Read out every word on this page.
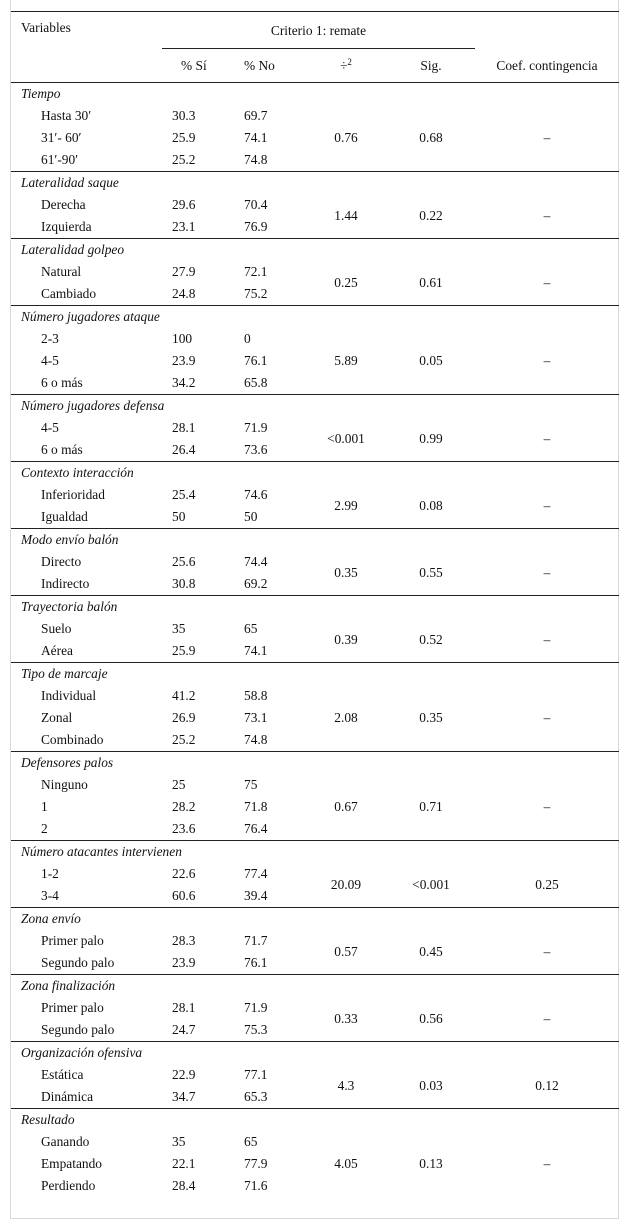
Variables	Criterio 1: remate			

	% Sí	% No	÷$^2$	Sig.	Coef. contingencia
Tiempo					
Hasta 30′	30.3	69.7	0.76	0.68	–
31′- 60′	25.9	74.1			
61′-90′	25.2	74.8			
Lateralidad saque					
Derecha	29.6	70.4	1.44	0.22	–
Izquierda	23.1	76.9			
Lateralidad golpeo					
Natural	27.9	72.1	0.25	0.61	–
Cambiado	24.8	75.2			
Número jugadores ataque					
2-3	100	0	5.89	0.05	–
4-5	23.9	76.1			
6 o más	34.2	65.8			
Número jugadores defensa					
4-5	28.1	71.9	<0.001	0.99	–
6 o más	26.4	73.6			
Contexto interacción					
Inferioridad	25.4	74.6	2.99	0.08	–
Igualdad	50	50			
Modo envío balón					
Directo	25.6	74.4	0.35	0.55	–
Indirecto	30.8	69.2			
Trayectoria balón					
Suelo	35	65	0.39	0.52	–
Aérea	25.9	74.1			
Tipo de marcaje					
Individual	41.2	58.8	2.08	0.35	–
Zonal	26.9	73.1			
Combinado	25.2	74.8			
Defensores palos					
Ninguno	25	75	0.67	0.71	–
1	28.2	71.8			
2	23.6	76.4			
Número atacantes intervienen					
1-2	22.6	77.4	20.09	<0.001	0.25
3-4	60.6	39.4			
Zona envío					
Primer palo	28.3	71.7	0.57	0.45	–
Segundo palo	23.9	76.1			
Zona finalización					
Primer palo	28.1	71.9	0.33	0.56	–
Segundo palo	24.7	75.3			
Organización ofensiva					
Estática	22.9	77.1	4.3	0.03	0.12
Dinámica	34.7	65.3			
Resultado					
Ganando	35	65	4.05	0.13	–
Empatando	22.1	77.9			
Perdiendo	28.4	71.6			
